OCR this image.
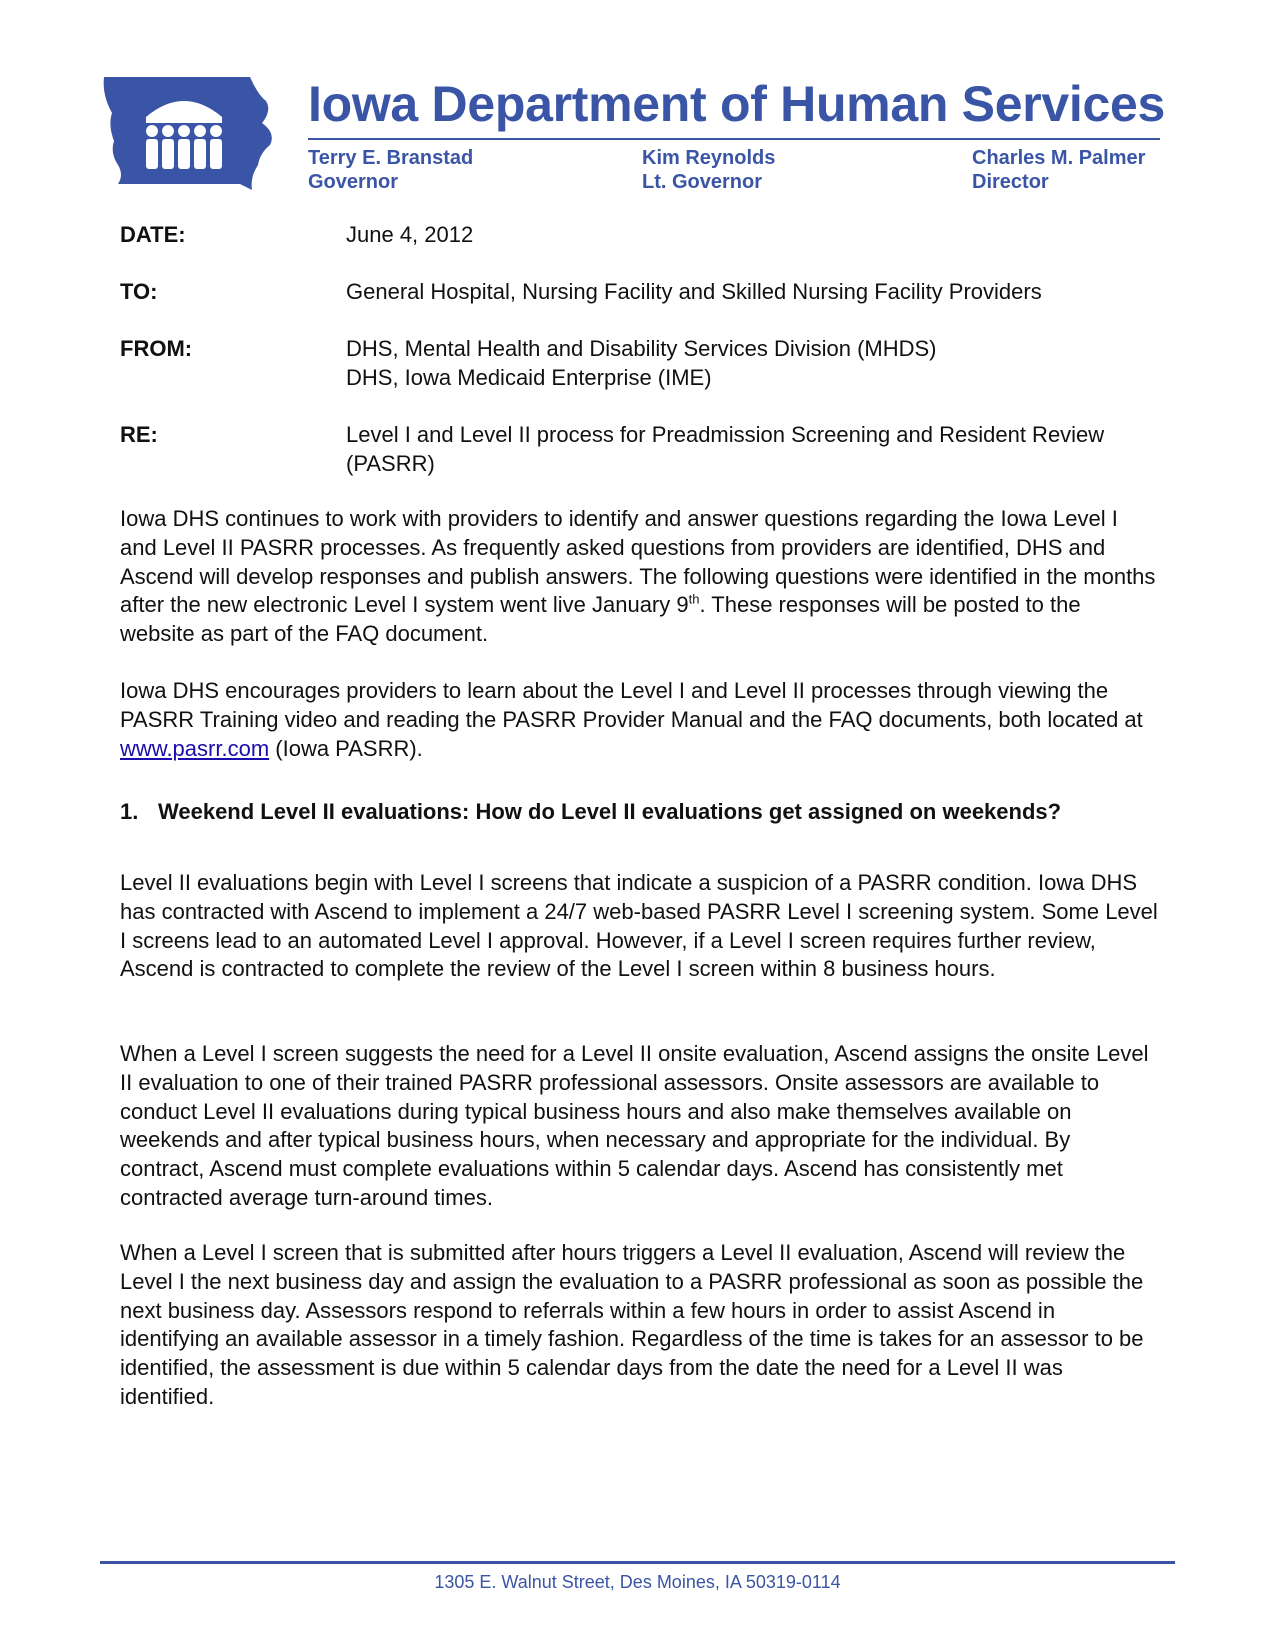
Iowa Department of Human Services
Terry E. Branstad
Governor
Kim Reynolds
Lt. Governor
Charles M. Palmer
Director
DATE:	June 4, 2012
TO:	General Hospital, Nursing Facility and Skilled Nursing Facility Providers
FROM:	DHS, Mental Health and Disability Services Division (MHDS)
DHS, Iowa Medicaid Enterprise (IME)
RE:	Level I and Level II process for Preadmission Screening and Resident Review (PASRR)
Iowa DHS continues to work with providers to identify and answer questions regarding the Iowa Level I and Level II PASRR processes. As frequently asked questions from providers are identified, DHS and Ascend will develop responses and publish answers. The following questions were identified in the months after the new electronic Level I system went live January 9th. These responses will be posted to the website as part of the FAQ document.
Iowa DHS encourages providers to learn about the Level I and Level II processes through viewing the PASRR Training video and reading the PASRR Provider Manual and the FAQ documents, both located at www.pasrr.com (Iowa PASRR).
1. Weekend Level II evaluations: How do Level II evaluations get assigned on weekends?
Level II evaluations begin with Level I screens that indicate a suspicion of a PASRR condition. Iowa DHS has contracted with Ascend to implement a 24/7 web-based PASRR Level I screening system. Some Level I screens lead to an automated Level I approval. However, if a Level I screen requires further review, Ascend is contracted to complete the review of the Level I screen within 8 business hours.
When a Level I screen suggests the need for a Level II onsite evaluation, Ascend assigns the onsite Level II evaluation to one of their trained PASRR professional assessors. Onsite assessors are available to conduct Level II evaluations during typical business hours and also make themselves available on weekends and after typical business hours, when necessary and appropriate for the individual. By contract, Ascend must complete evaluations within 5 calendar days. Ascend has consistently met contracted average turn-around times.
When a Level I screen that is submitted after hours triggers a Level II evaluation, Ascend will review the Level I the next business day and assign the evaluation to a PASRR professional as soon as possible the next business day. Assessors respond to referrals within a few hours in order to assist Ascend in identifying an available assessor in a timely fashion. Regardless of the time is takes for an assessor to be identified, the assessment is due within 5 calendar days from the date the need for a Level II was identified.
1305 E. Walnut Street, Des Moines, IA 50319-0114
